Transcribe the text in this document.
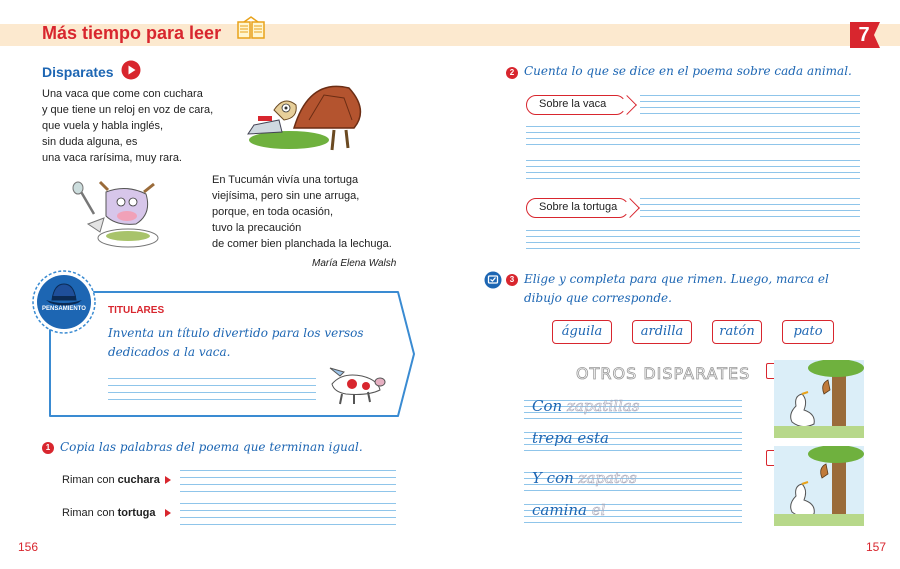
Más tiempo para leer	7
Disparates
Una vaca que come con cuchara
y que tiene un reloj en voz de cara,
que vuela y habla inglés,
sin duda alguna, es
una vaca rarísima, muy rara.
En Tucumán vivía una tortuga
viejísima, pero sin une arruga,
porque, en toda ocasión,
tuvo la precaución
de comer bien planchada la lechuga.
María Elena Walsh
PENSAMIENTO	TITULARES
Inventa un título divertido para los versos dedicados a la vaca.
1 Copia las palabras del poema que terminan igual.
Riman con cuchara
Riman con tortuga
156
2 Cuenta lo que se dice en el poema sobre cada animal.
Sobre la vaca
Sobre la tortuga
3 Elige y completa para que rimen. Luego, marca el dibujo que corresponde.
águila	ardilla	ratón	pato
OTROS DISPARATES
Con zapatillas
trepa esta
Y con zapatos
camina el
157
